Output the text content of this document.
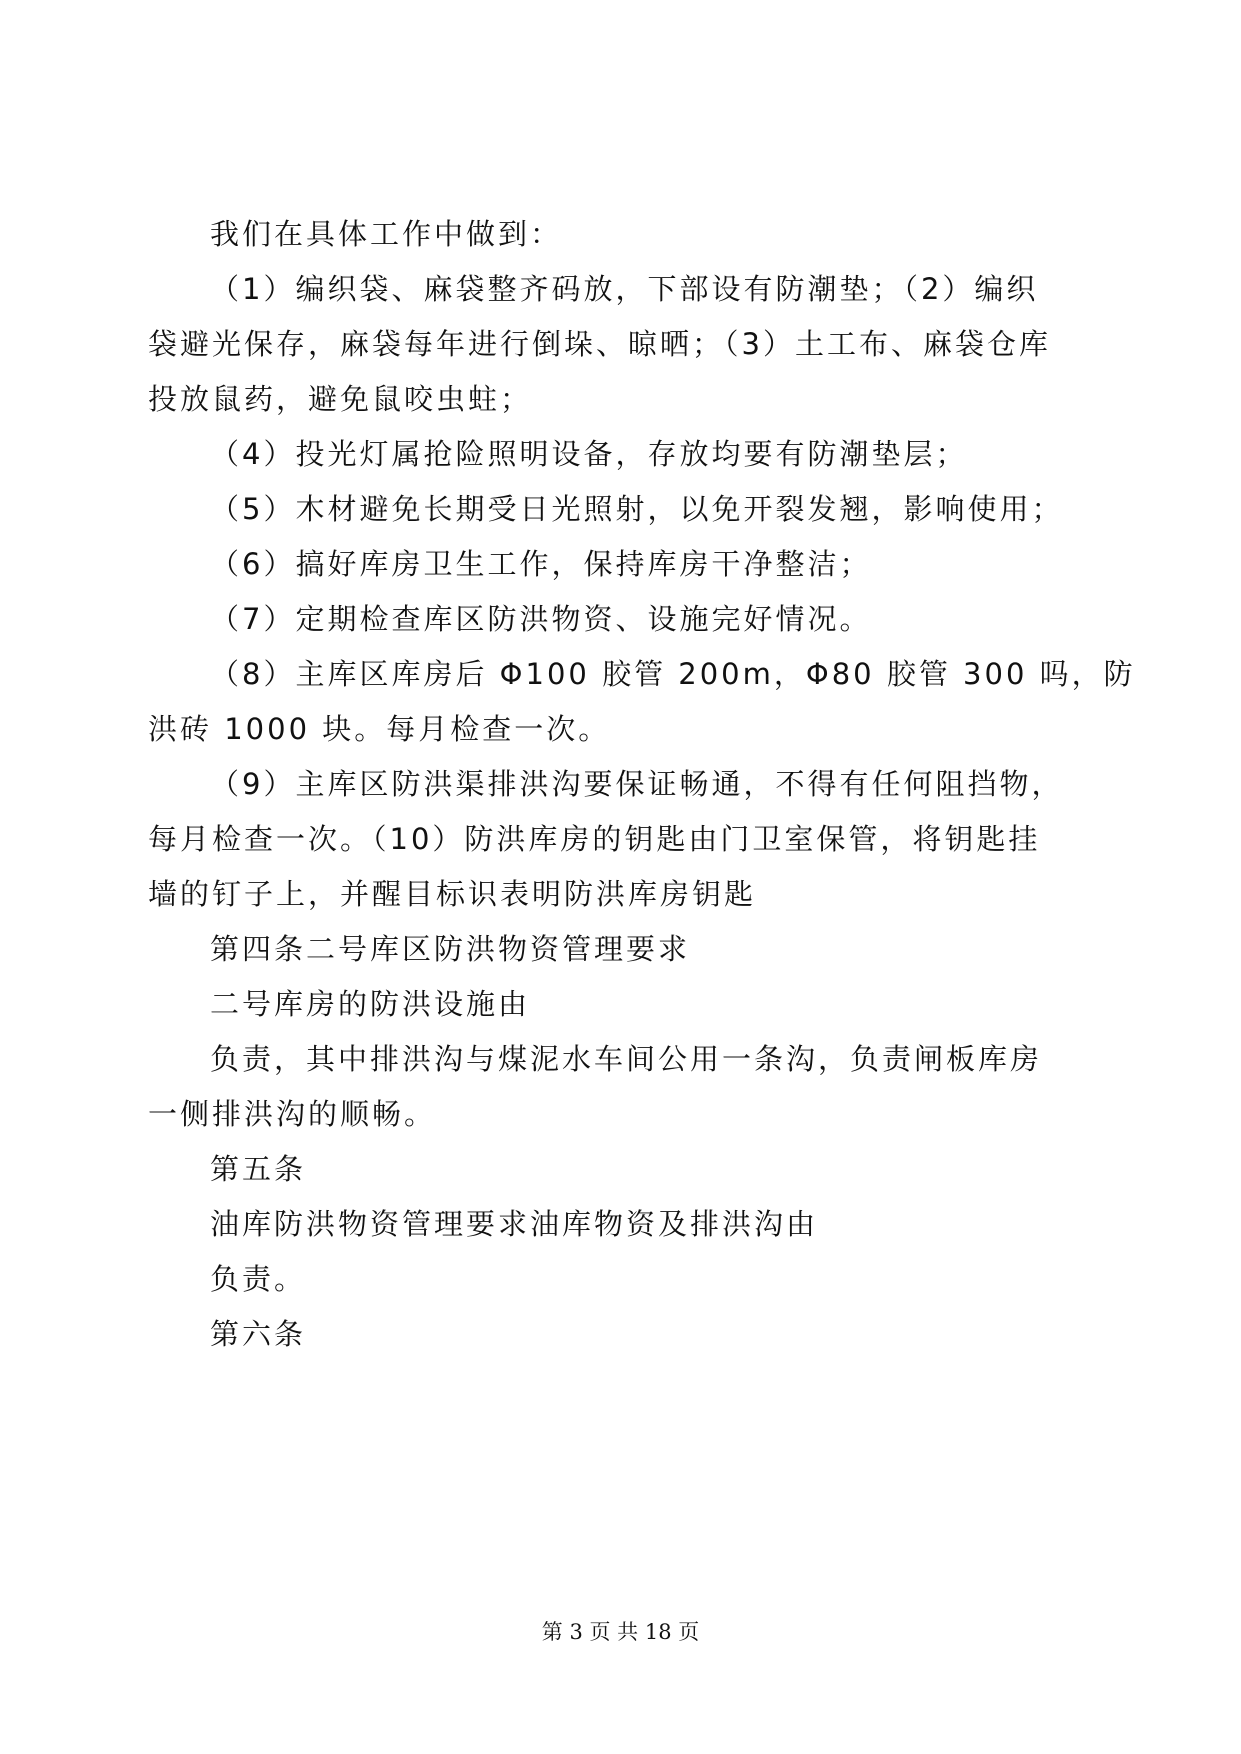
我们在具体工作中做到：
（1）编织袋、麻袋整齐码放，下部设有防潮垫；（2）编织
袋避光保存，麻袋每年进行倒垛、晾晒；（3）土工布、麻袋仓库
投放鼠药，避免鼠咬虫蛀；
（4）投光灯属抢险照明设备，存放均要有防潮垫层；
（5）木材避免长期受日光照射，以免开裂发翘，影响使用；
（6）搞好库房卫生工作，保持库房干净整洁；
（7）定期检查库区防洪物资、设施完好情况。
（8）主库区库房后 Φ100 胶管 200m，Φ80 胶管 300 吗，防
洪砖 1000 块。每月检查一次。
（9）主库区防洪渠排洪沟要保证畅通，不得有任何阻挡物，
每月检查一次。（10）防洪库房的钥匙由门卫室保管，将钥匙挂
墙的钉子上，并醒目标识表明防洪库房钥匙
第四条二号库区防洪物资管理要求
二号库房的防洪设施由
负责，其中排洪沟与煤泥水车间公用一条沟，负责闸板库房
一侧排洪沟的顺畅。
第五条
油库防洪物资管理要求油库物资及排洪沟由
负责。
第六条
第 3 页 共 18 页
